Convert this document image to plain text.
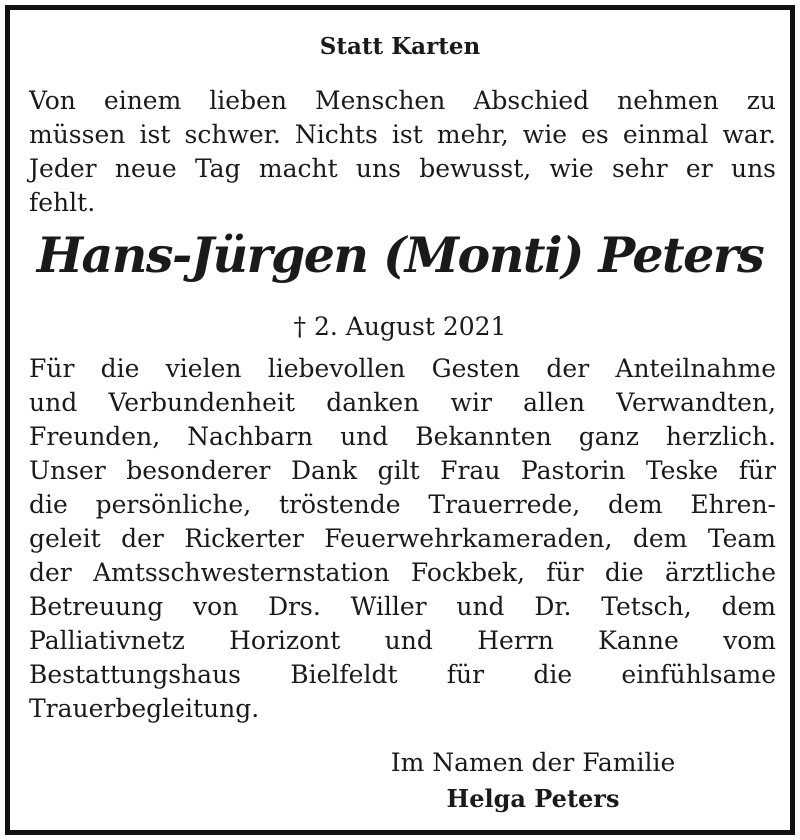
Statt Karten
Von einem lieben Menschen Abschied nehmen zu
müssen ist schwer. Nichts ist mehr, wie es einmal war.
Jeder neue Tag macht uns bewusst, wie sehr er uns
fehlt.
Hans-Jürgen (Monti) Peters
† 2. August 2021
Für die vielen liebevollen Gesten der Anteilnahme
und Verbundenheit danken wir allen Verwandten,
Freunden, Nachbarn und Bekannten ganz herzlich.
Unser besonderer Dank gilt Frau Pastorin Teske für
die persönliche, tröstende Trauerrede, dem Ehren-
geleit der Rickerter Feuerwehrkameraden, dem Team
der Amtsschwesternstation Fockbek, für die ärztliche
Betreuung von Drs. Willer und Dr. Tetsch, dem
Palliativnetz Horizont und Herrn Kanne vom
Bestattungshaus Bielfeldt für die einfühlsame
Trauerbegleitung.
Im Namen der Familie
Helga Peters
